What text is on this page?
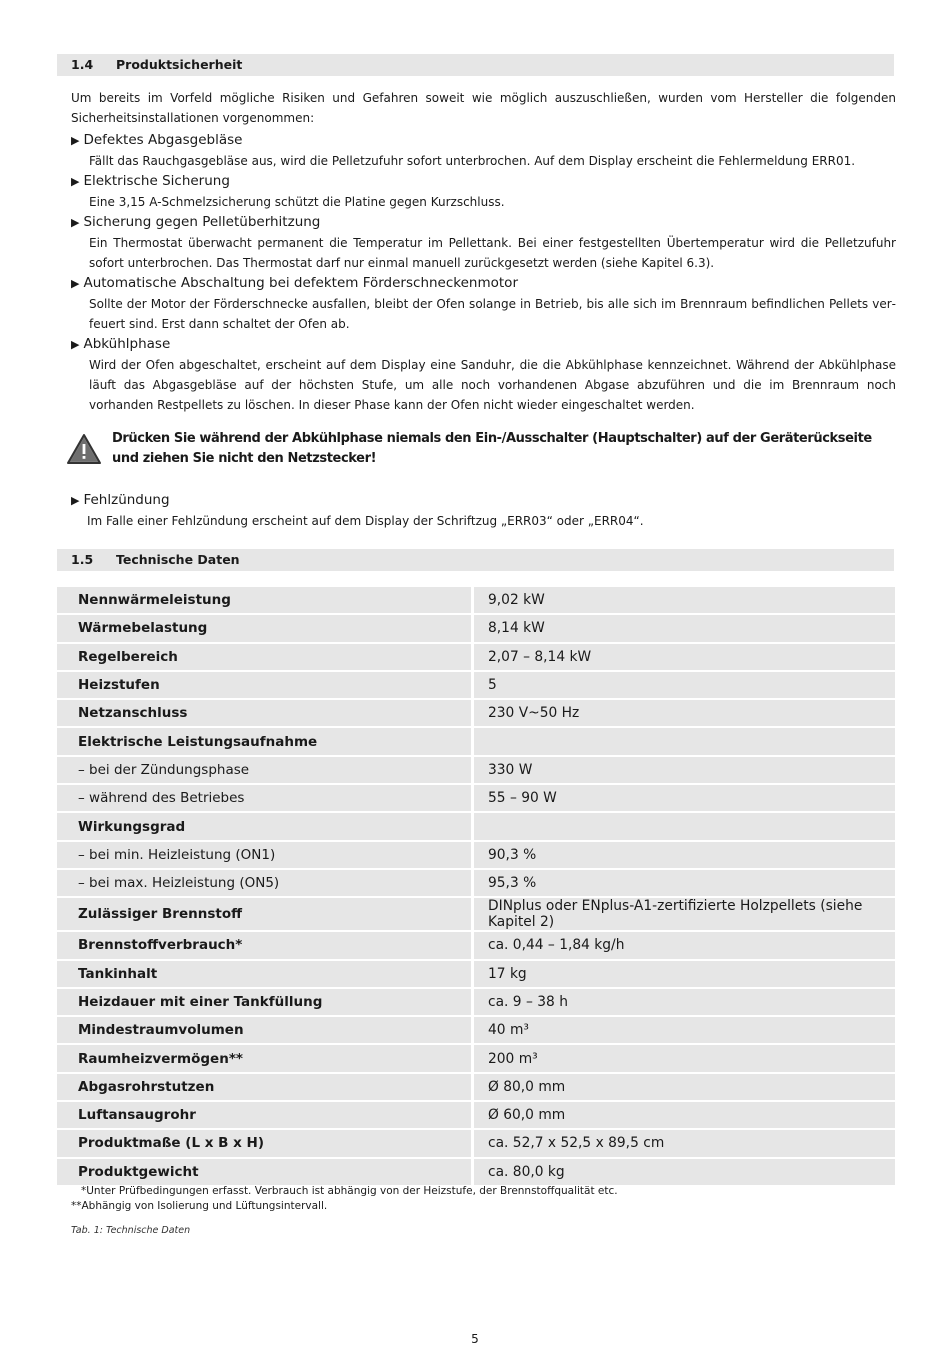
1.4 Produktsicherheit
Um bereits im Vorfeld mögliche Risiken und Gefahren soweit wie möglich auszuschließen, wurden vom Hersteller die folgenden Sicherheitsinstallationen vorgenommen:

▶ Defektes Abgasgebläse

Fällt das Rauchgasgebläse aus, wird die Pelletzufuhr sofort unterbrochen. Auf dem Display erscheint die Fehlermeldung ERR01.

▶ Elektrische Sicherung

Eine 3,15 A-Schmelzsicherung schützt die Platine gegen Kurzschluss.

▶ Sicherung gegen Pelletüberhitzung

Ein Thermostat überwacht permanent die Temperatur im Pellettank. Bei einer festgestellten Übertemperatur wird die Pelletzufuhr sofort unterbrochen. Das Thermostat darf nur einmal manuell zurückgesetzt werden (siehe Kapitel 6.3).

▶ Automatische Abschaltung bei defektem Förderschneckenmotor

Sollte der Motor der Förderschnecke ausfallen, bleibt der Ofen solange in Betrieb, bis alle sich im Brennraum befindlichen Pellets verfeuert sind. Erst dann schaltet der Ofen ab.

▶ Abkühlphase

Wird der Ofen abgeschaltet, erscheint auf dem Display eine Sanduhr, die die Abkühlphase kennzeichnet. Während der Abkühlphase läuft das Abgasgebläse auf der höchsten Stufe, um alle noch vorhandenen Abgase abzuführen und die im Brennraum noch vorhanden Restpellets zu löschen. In dieser Phase kann der Ofen nicht wieder eingeschaltet werden.

Drücken Sie während der Abkühlphase niemals den Ein-/Ausschalter (Hauptschalter) auf der Geräterückseite und ziehen Sie nicht den Netzstecker!

▶ Fehlzündung

Im Falle einer Fehlzündung erscheint auf dem Display der Schriftzug „ERR03“ oder „ERR04“.

1.5 Technische Daten
Nennwärmeleistung	9,02 kW
Wärmebelastung	8,14 kW
Regelbereich	2,07 – 8,14 kW
Heizstufen	5
Netzanschluss	230 V~50 Hz
Elektrische Leistungsaufnahme	
– bei der Zündungsphase	330 W
– während des Betriebes	55 – 90 W
Wirkungsgrad	
– bei min. Heizleistung (ON1)	90,3 %
– bei max. Heizleistung (ON5)	95,3 %
Zulässiger Brennstoff	DINplus oder ENplus-A1-zertifizierte Holzpellets (siehe Kapitel 2)
Brennstoffverbrauch*	ca. 0,44 – 1,84 kg/h
Tankinhalt	17 kg
Heizdauer mit einer Tankfüllung	ca. 9 – 38 h
Mindestraumvolumen	40 m³
Raumheizvermögen**	200 m³
Abgasrohrstutzen	Ø 80,0 mm
Luftansaugrohr	Ø 60,0 mm
Produktmaße (L x B x H)	ca. 52,7 x 52,5 x 89,5 cm
Produktgewicht	ca. 80,0 kg
*Unter Prüfbedingungen erfasst. Verbrauch ist abhängig von der Heizstufe, der Brennstoffqualität etc.
**Abhängig von Isolierung und Lüftungsintervall.
Tab. 1: Technische Daten
5
